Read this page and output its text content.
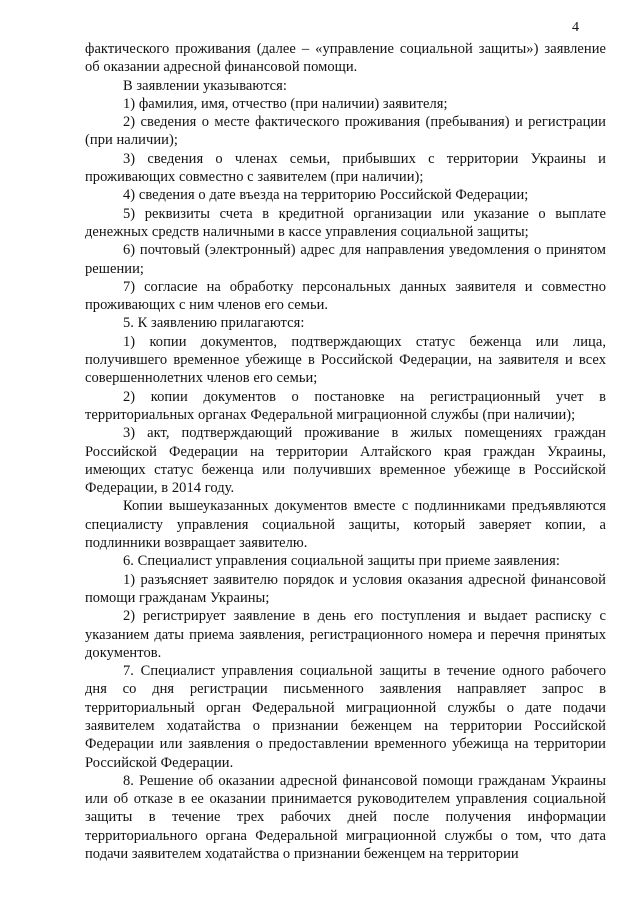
4

фактического проживания (далее – «управление социальной защиты») заявление об оказании адресной финансовой помощи.

В заявлении указываются:

1) фамилия, имя, отчество (при наличии) заявителя;

2) сведения о месте фактического проживания (пребывания) и регистрации (при наличии);

3) сведения о членах семьи, прибывших с территории Украины и проживающих совместно с заявителем (при наличии);

4) сведения о дате въезда на территорию Российской Федерации;

5) реквизиты счета в кредитной организации или указание о выплате денежных средств наличными в кассе управления социальной защиты;

6) почтовый (электронный) адрес для направления уведомления о принятом решении;

7) согласие на обработку персональных данных заявителя и совместно проживающих с ним членов его семьи.

5. К заявлению прилагаются:

1) копии документов, подтверждающих статус беженца или лица, получившего временное убежище в Российской Федерации, на заявителя и всех совершеннолетних членов его семьи;

2) копии документов о постановке на регистрационный учет в территориальных органах Федеральной миграционной службы (при наличии);

3) акт, подтверждающий проживание в жилых помещениях граждан Российской Федерации на территории Алтайского края граждан Украины, имеющих статус беженца или получивших временное убежище в Российской Федерации, в 2014 году.

Копии вышеуказанных документов вместе с подлинниками предъявляются специалисту управления социальной защиты, который заверяет копии, а подлинники возвращает заявителю.

6. Специалист управления социальной защиты при приеме заявления:

1) разъясняет заявителю порядок и условия оказания адресной финансовой помощи гражданам Украины;

2) регистрирует заявление в день его поступления и выдает расписку с указанием даты приема заявления, регистрационного номера и перечня принятых документов.

7. Специалист управления социальной защиты в течение одного рабочего дня со дня регистрации письменного заявления направляет запрос в территориальный орган Федеральной миграционной службы о дате подачи заявителем ходатайства о признании беженцем на территории Российской Федерации или заявления о предоставлении временного убежища на территории Российской Федерации.

8. Решение об оказании адресной финансовой помощи гражданам Украины или об отказе в ее оказании принимается руководителем управления социальной защиты в течение трех рабочих дней после получения информации территориального органа Федеральной миграционной службы о том, что дата подачи заявителем ходатайства о признании беженцем на территории
